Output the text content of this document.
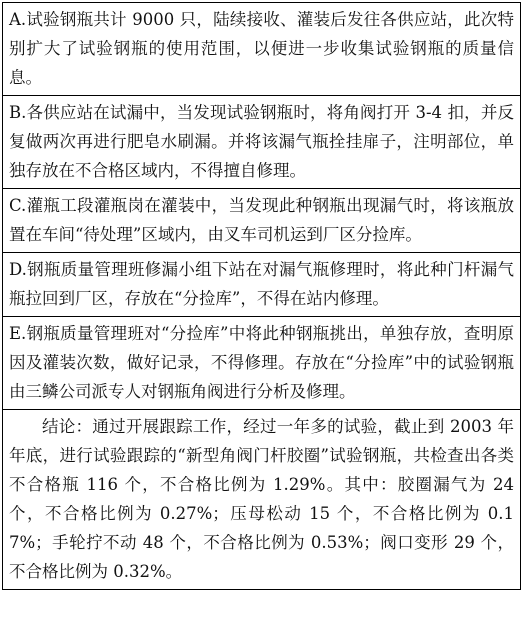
A.试验钢瓶共计 9000 只，陆续接收、灌装后发往各供应站，此次特别扩大了试验钢瓶的使用范围，以便进一步收集试验钢瓶的质量信息。
B.各供应站在试漏中，当发现试验钢瓶时，将角阀打开 3-4 扣，并反复做两次再进行肥皂水刷漏。并将该漏气瓶拴挂扉子，注明部位，单独存放在不合格区域内，不得擅自修理。
C.灌瓶工段灌瓶岗在灌装中，当发现此种钢瓶出现漏气时，将该瓶放置在车间“待处理”区域内，由叉车司机运到厂区分捡库。
D.钢瓶质量管理班修漏小组下站在对漏气瓶修理时，将此种门杆漏气瓶拉回到厂区，存放在“分捡库”，不得在站内修理。
E.钢瓶质量管理班对“分捡库”中将此种钢瓶挑出，单独存放，查明原因及灌装次数，做好记录，不得修理。存放在“分捡库”中的试验钢瓶由三鳞公司派专人对钢瓶角阀进行分析及修理。
结论：通过开展跟踪工作，经过一年多的试验，截止到 2003 年年底，进行试验跟踪的“新型角阀门杆胶圈”试验钢瓶，共检查出各类不合格瓶 116 个，不合格比例为 1.29%。其中：胶圈漏气为 24 个，不合格比例为 0.27%；压母松动 15 个，不合格比例为 0.17%；手轮拧不动 48 个，不合格比例为 0.53%；阀口变形 29 个，不合格比例为 0.32%。
